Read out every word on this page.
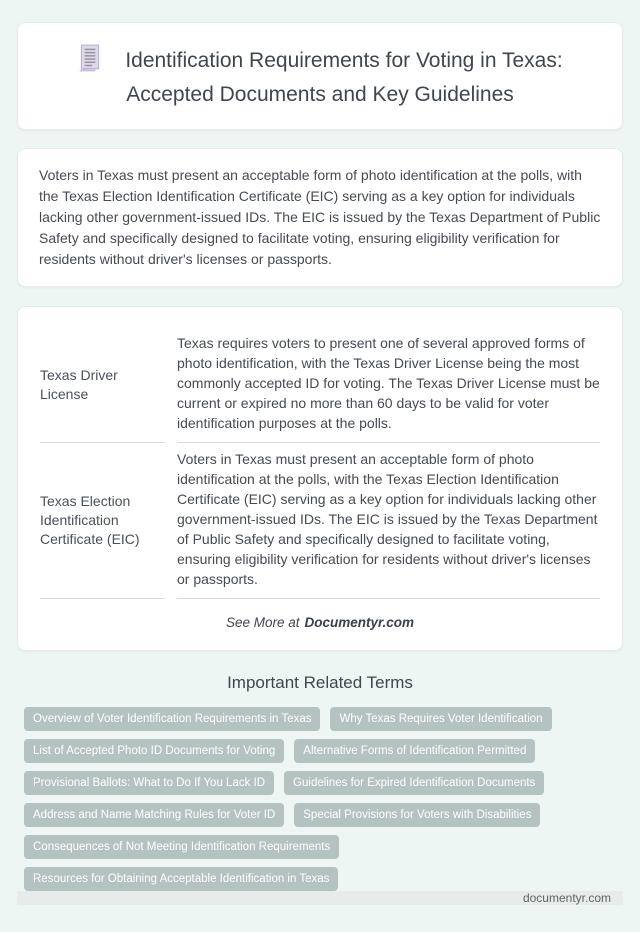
Identification Requirements for Voting in Texas: Accepted Documents and Key Guidelines

Voters in Texas must present an acceptable form of photo identification at the polls, with the Texas Election Identification Certificate (EIC) serving as a key option for individuals lacking other government-issued IDs. The EIC is issued by the Texas Department of Public Safety and specifically designed to facilitate voting, ensuring eligibility verification for residents without driver's licenses or passports.

Texas Driver License
Texas requires voters to present one of several approved forms of photo identification, with the Texas Driver License being the most commonly accepted ID for voting. The Texas Driver License must be current or expired no more than 60 days to be valid for voter identification purposes at the polls.
Texas Election Identification Certificate (EIC)
Voters in Texas must present an acceptable form of photo identification at the polls, with the Texas Election Identification Certificate (EIC) serving as a key option for individuals lacking other government-issued IDs. The EIC is issued by the Texas Department of Public Safety and specifically designed to facilitate voting, ensuring eligibility verification for residents without driver's licenses or passports.

See More at Documentyr.com

Important Related Terms
Overview of Voter Identification Requirements in Texas	Why Texas Requires Voter Identification
List of Accepted Photo ID Documents for Voting	Alternative Forms of Identification Permitted
Provisional Ballots: What to Do If You Lack ID	Guidelines for Expired Identification Documents
Address and Name Matching Rules for Voter ID	Special Provisions for Voters with Disabilities
Consequences of Not Meeting Identification Requirements
Resources for Obtaining Acceptable Identification in Texas
documentyr.com
